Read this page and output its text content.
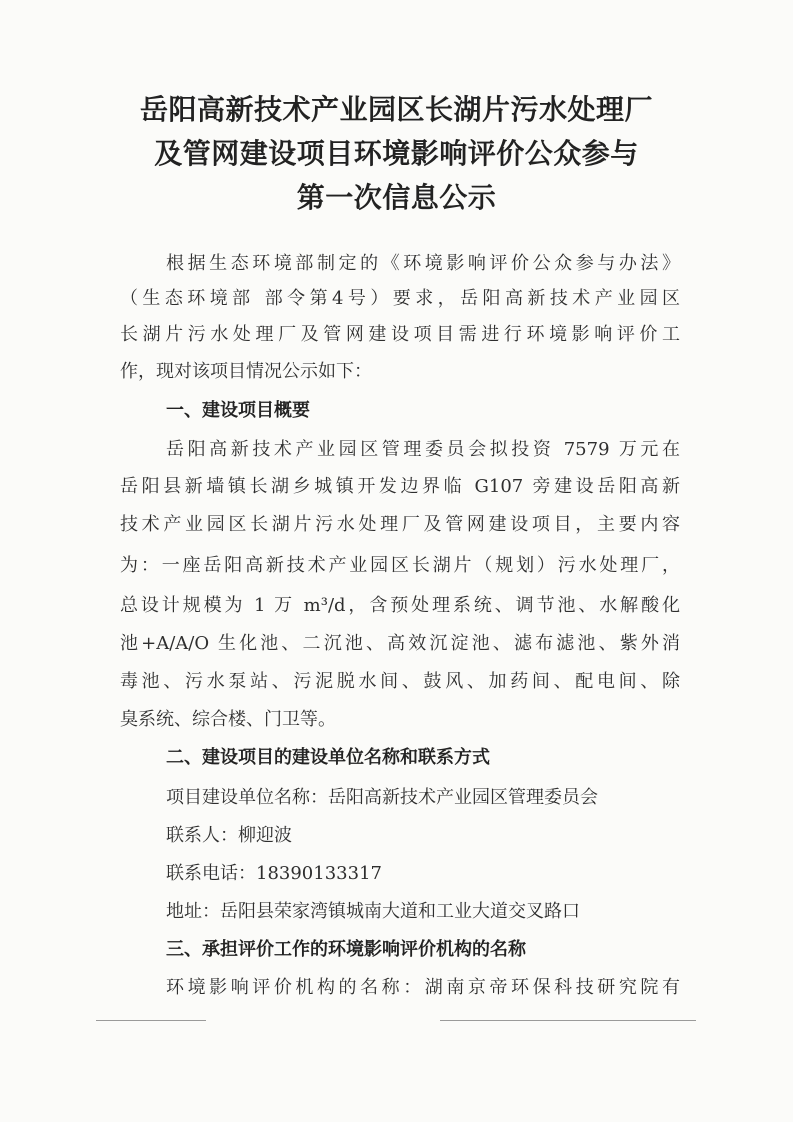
岳阳高新技术产业园区长湖片污水处理厂
及管网建设项目环境影响评价公众参与
第一次信息公示
根据生态环境部制定的《环境影响评价公众参与办法》
（生态环境部 部令第4号）要求，岳阳高新技术产业园区
长湖片污水处理厂及管网建设项目需进行环境影响评价工
作，现对该项目情况公示如下：
一、建设项目概要
岳阳高新技术产业园区管理委员会拟投资 7579 万元在
岳阳县新墙镇长湖乡城镇开发边界临 G107 旁建设岳阳高新
技术产业园区长湖片污水处理厂及管网建设项目，主要内容
为：一座岳阳高新技术产业园区长湖片（规划）污水处理厂，
总设计规模为 1 万 m³/d，含预处理系统、调节池、水解酸化
池+A/A/O 生化池、二沉池、高效沉淀池、滤布滤池、紫外消
毒池、污水泵站、污泥脱水间、鼓风、加药间、配电间、除
臭系统、综合楼、门卫等。
二、建设项目的建设单位名称和联系方式
项目建设单位名称：岳阳高新技术产业园区管理委员会
联系人：柳迎波
联系电话：18390133317
地址：岳阳县荣家湾镇城南大道和工业大道交叉路口
三、承担评价工作的环境影响评价机构的名称
环境影响评价机构的名称：湖南京帝环保科技研究院有
